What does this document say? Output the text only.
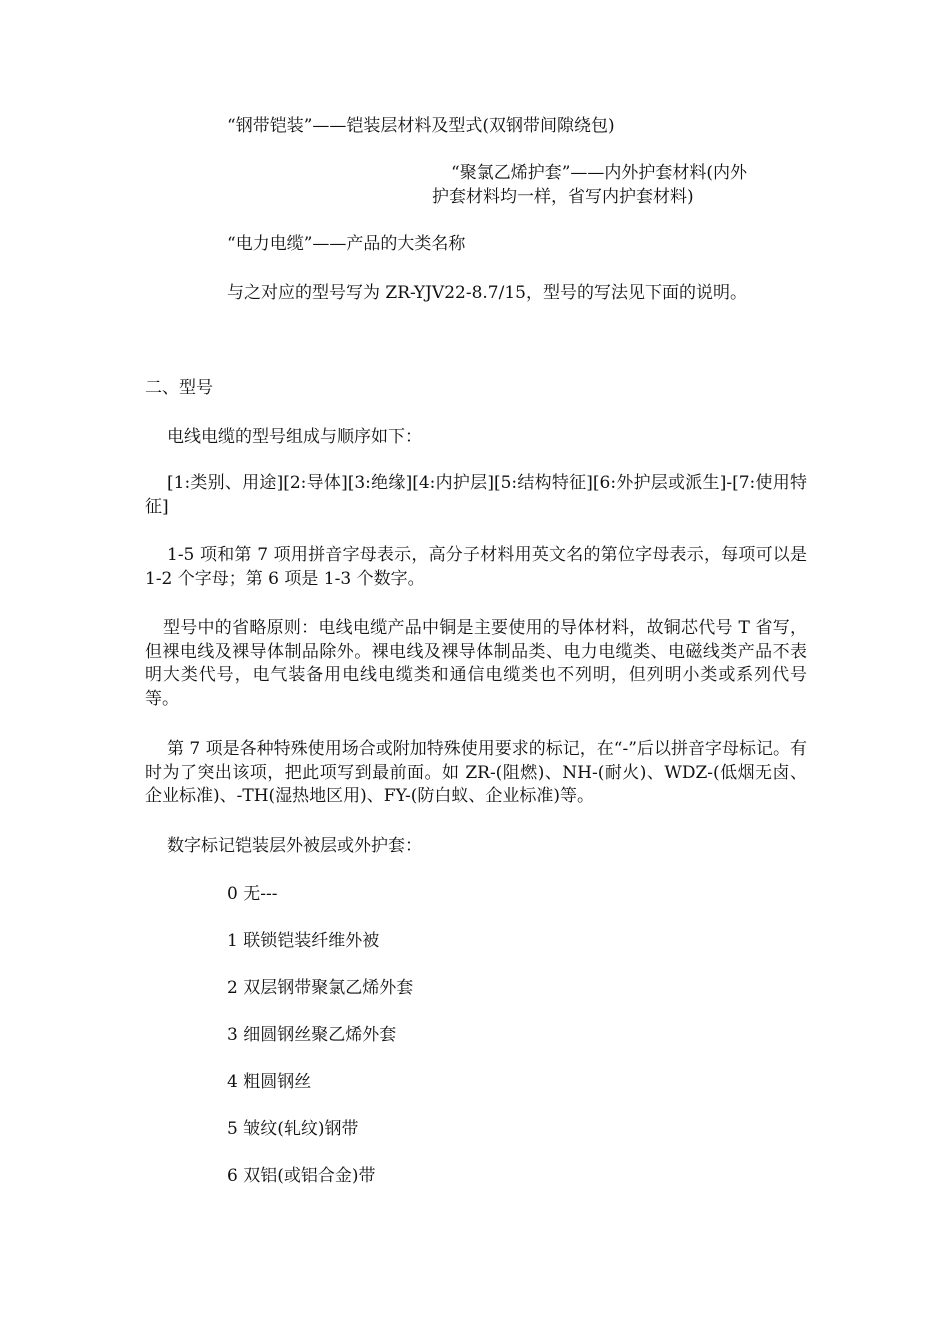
“钢带铠装”——铠装层材料及型式(双钢带间隙绕包)
“聚氯乙烯护套”——内外护套材料(内外
护套材料均一样，省写内护套材料)
“电力电缆”——产品的大类名称
与之对应的型号写为 ZR-YJV22-8.7/15，型号的写法见下面的说明。
二、型号
电线电缆的型号组成与顺序如下：
[1:类别、用途][2:导体][3:绝缘][4:内护层][5:结构特征][6:外护层或派生]-[7:使用特征]
1-5 项和第 7 项用拼音字母表示，高分子材料用英文名的第位字母表示，每项可以是 1-2 个字母；第 6 项是 1-3 个数字。
型号中的省略原则：电线电缆产品中铜是主要使用的导体材料，故铜芯代号 T 省写，但裸电线及裸导体制品除外。裸电线及裸导体制品类、电力电缆类、电磁线类产品不表明大类代号，电气装备用电线电缆类和通信电缆类也不列明，但列明小类或系列代号等。
第 7 项是各种特殊使用场合或附加特殊使用要求的标记，在“-”后以拼音字母标记。有时为了突出该项，把此项写到最前面。如 ZR-(阻燃)、NH-(耐火)、WDZ-(低烟无卤、企业标准)、-TH(湿热地区用)、FY-(防白蚁、企业标准)等。
数字标记铠装层外被层或外护套：
0 无---
1 联锁铠装纤维外被
2 双层钢带聚氯乙烯外套
3 细圆钢丝聚乙烯外套
4 粗圆钢丝
5 皱纹(轧纹)钢带
6 双铝(或铝合金)带
